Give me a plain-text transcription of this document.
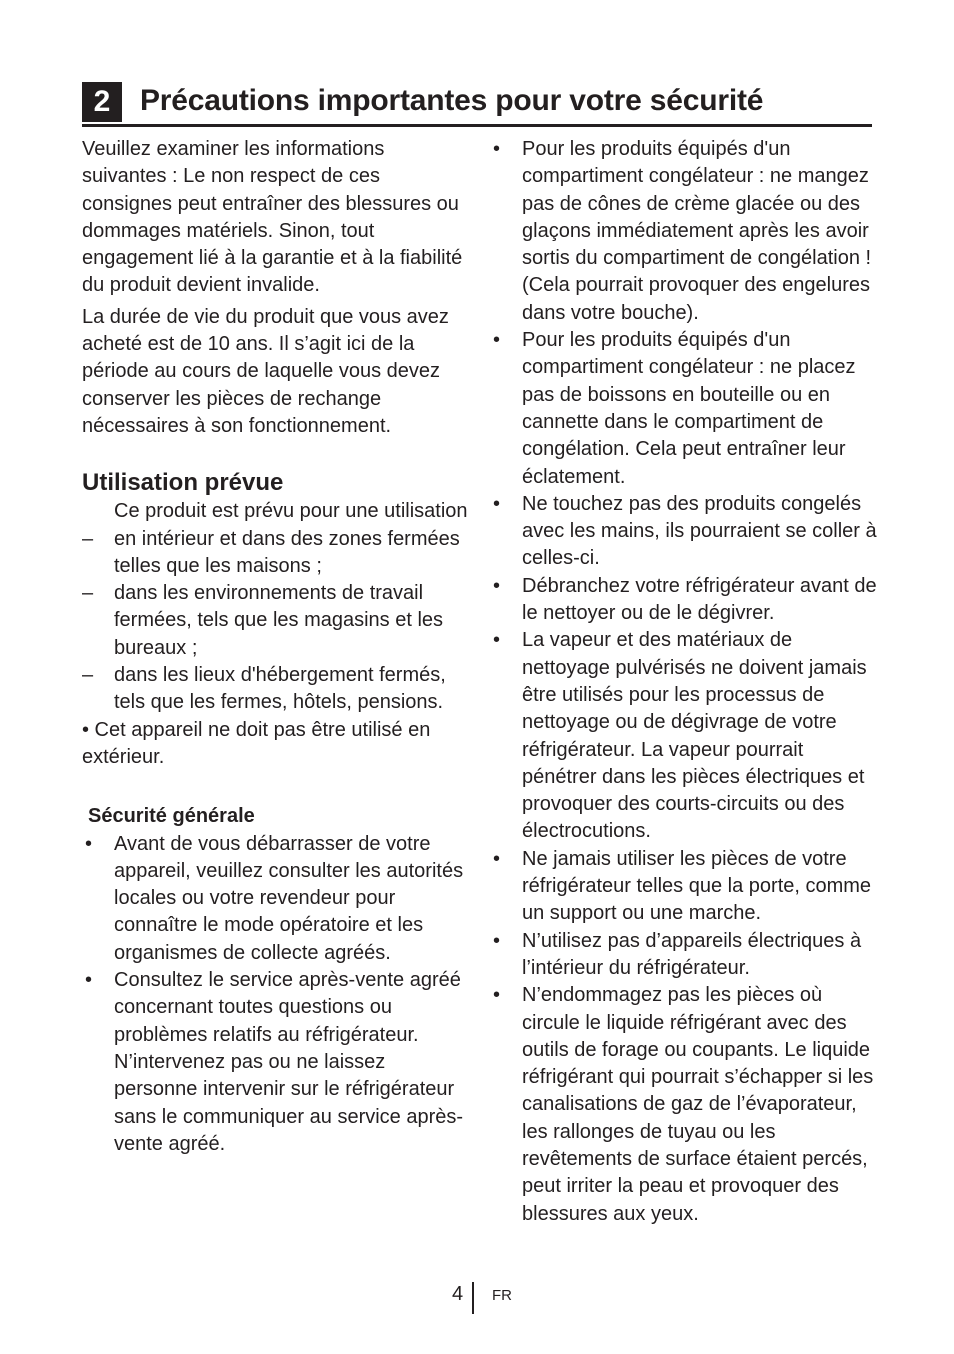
2 Précautions importantes pour votre sécurité

Veuillez examiner les informations suivantes : Le non respect de ces consignes peut entraîner des blessures ou dommages matériels. Sinon, tout engagement lié à la garantie et à la fiabilité du produit devient invalide.

La durée de vie du produit que vous avez acheté est de 10 ans. Il s’agit ici de la période au cours de laquelle vous devez conserver les pièces de rechange nécessaires à son fonctionnement.

Utilisation prévue

Ce produit est prévu pour une utilisation

– en intérieur et dans des zones fermées telles que les maisons ;
– dans les environnements de travail fermées, tels que les magasins et les bureaux ;
– dans les lieux d'hébergement fermés, tels que les fermes, hôtels, pensions.

• Cet appareil ne doit pas être utilisé en extérieur.

Sécurité générale
• Avant de vous débarrasser de votre appareil, veuillez consulter les autorités locales ou votre revendeur pour connaître le mode opératoire et les organismes de collecte agréés.
• Consultez le service après-vente agréé concernant toutes questions ou problèmes relatifs au réfrigérateur. N’intervenez pas ou ne laissez personne intervenir sur le réfrigérateur sans le communiquer au service après-vente agréé.
• Pour les produits équipés d'un compartiment congélateur : ne mangez pas de cônes de crème glacée ou des glaçons immédiatement après les avoir sortis du compartiment de congélation ! (Cela pourrait provoquer des engelures dans votre bouche).
• Pour les produits équipés d'un compartiment congélateur : ne placez pas de boissons en bouteille ou en cannette dans le compartiment de congélation. Cela peut entraîner leur éclatement.
• Ne touchez pas des produits congelés avec les mains, ils pourraient se coller à celles-ci.
• Débranchez votre réfrigérateur avant de le nettoyer ou de le dégivrer.
• La vapeur et des matériaux de nettoyage pulvérisés ne doivent jamais être utilisés pour les processus de nettoyage ou de dégivrage de votre réfrigérateur. La vapeur pourrait pénétrer dans les pièces électriques et provoquer des courts-circuits ou des électrocutions.
• Ne jamais utiliser les pièces de votre réfrigérateur telles que la porte, comme un support ou une marche.
• N’utilisez pas d’appareils électriques à l’intérieur du réfrigérateur.
• N’endommagez pas les pièces où circule le liquide réfrigérant avec des outils de forage ou coupants. Le liquide réfrigérant qui pourrait s’échapper si les canalisations de gaz de l’évaporateur, les rallonges de tuyau ou les revêtements de surface étaient percés, peut irriter la peau et provoquer des blessures aux yeux.
4 FR
